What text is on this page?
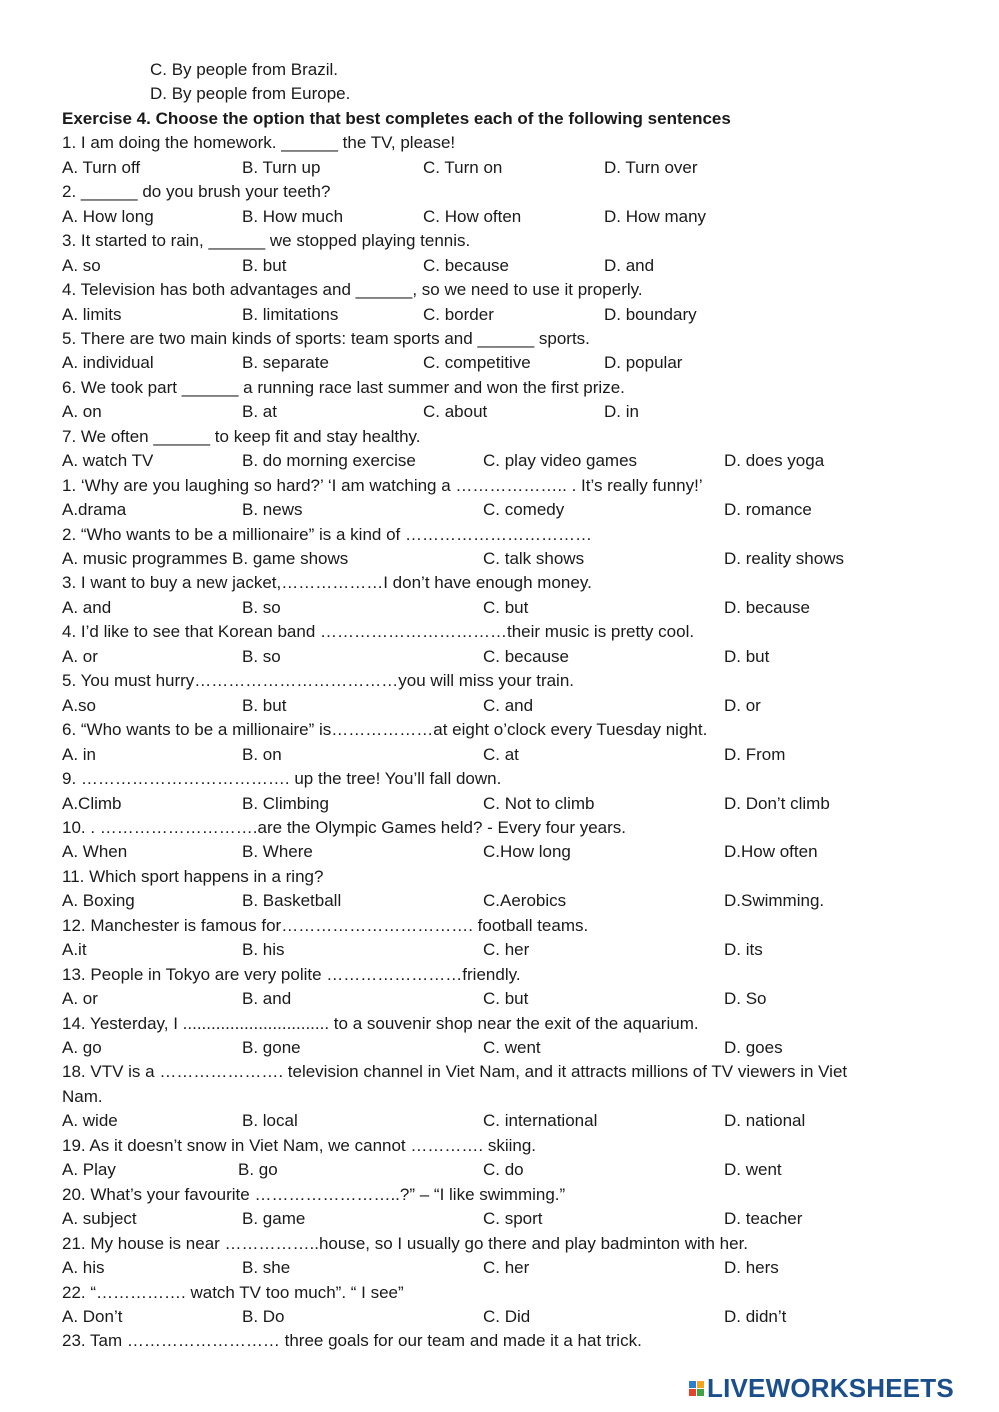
C. By people from Brazil.
D. By people from Europe.
Exercise 4. Choose the option that best completes each of the following sentences
1. I am doing the homework. ______ the TV, please!
A. Turn off	B. Turn up	C. Turn on	D. Turn over
2. ______ do you brush your teeth?
A. How long	B. How much	C. How often	D. How many
3. It started to rain, ______ we stopped playing tennis.
A. so	B. but	C. because	D. and
4. Television has both advantages and ______, so we need to use it properly.
A. limits	B. limitations	C. border	D. boundary
5. There are two main kinds of sports: team sports and ______ sports.
A. individual	B. separate	C. competitive	D. popular
6. We took part ______ a running race last summer and won the first prize.
A. on	B. at	C. about	D. in
7. We often ______ to keep fit and stay healthy.
A. watch TV	B. do morning exercise	C. play video games	D. does yoga
1. ‘Why are you laughing so hard?’ ‘I am watching a ……………….. . It’s really funny!’
A.drama	B. news	C. comedy	D. romance
2. “Who wants to be a millionaire” is a kind of ……………………………
A. music programmes B. game shows	C. talk shows	D. reality shows
3. I want to buy a new jacket,………………I don’t have enough money.
A. and	B. so	C. but	D. because
4. I’d like to see that Korean band ……………………………their music is pretty cool.
A. or	B. so	C. because	D. but
5. You must hurry………………………………you will miss your train.
A.so	B. but	C. and	D. or
6. “Who wants to be a millionaire” is………………at eight o’clock every Tuesday night.
A. in	B. on	C. at	D. From
9. ………………………………. up the tree! You’ll fall down.
A.Climb	B. Climbing	C. Not to climb	D. Don’t climb
10. . ……………………….are the Olympic Games held? - Every four years.
A. When	B. Where	C.How long	D.How often
11. Which sport happens in a ring?
A. Boxing	B. Basketball	C.Aerobics	D.Swimming.
12. Manchester is famous for……………………………. football teams.
A.it	B. his	C. her	D. its
13. People in Tokyo are very polite ……………………friendly.
A. or	B. and	C. but	D. So
14. Yesterday, I ............................... to a souvenir shop near the exit of the aquarium.
A. go	B. gone	C. went	D. goes
18. VTV is a …………………. television channel in Viet Nam, and it attracts millions of TV viewers in Viet
Nam.
A. wide	B. local	C. international	D. national
19. As it doesn’t snow in Viet Nam, we cannot …………. skiing.
A. Play	B. go	C. do	D. went
20. What’s your favourite ……………………..?” – “I like swimming.”
A. subject	B. game	C. sport	D. teacher
21. My house is near ……………..house, so I usually go there and play badminton with her.
A. his	B. she	C. her	D. hers
22. “……………. watch TV too much”. “ I see”
A. Don’t	B. Do	C. Did	D. didn’t
23. Tam ……………………… three goals for our team and made it a hat trick.
LIVEWORKSHEETS
